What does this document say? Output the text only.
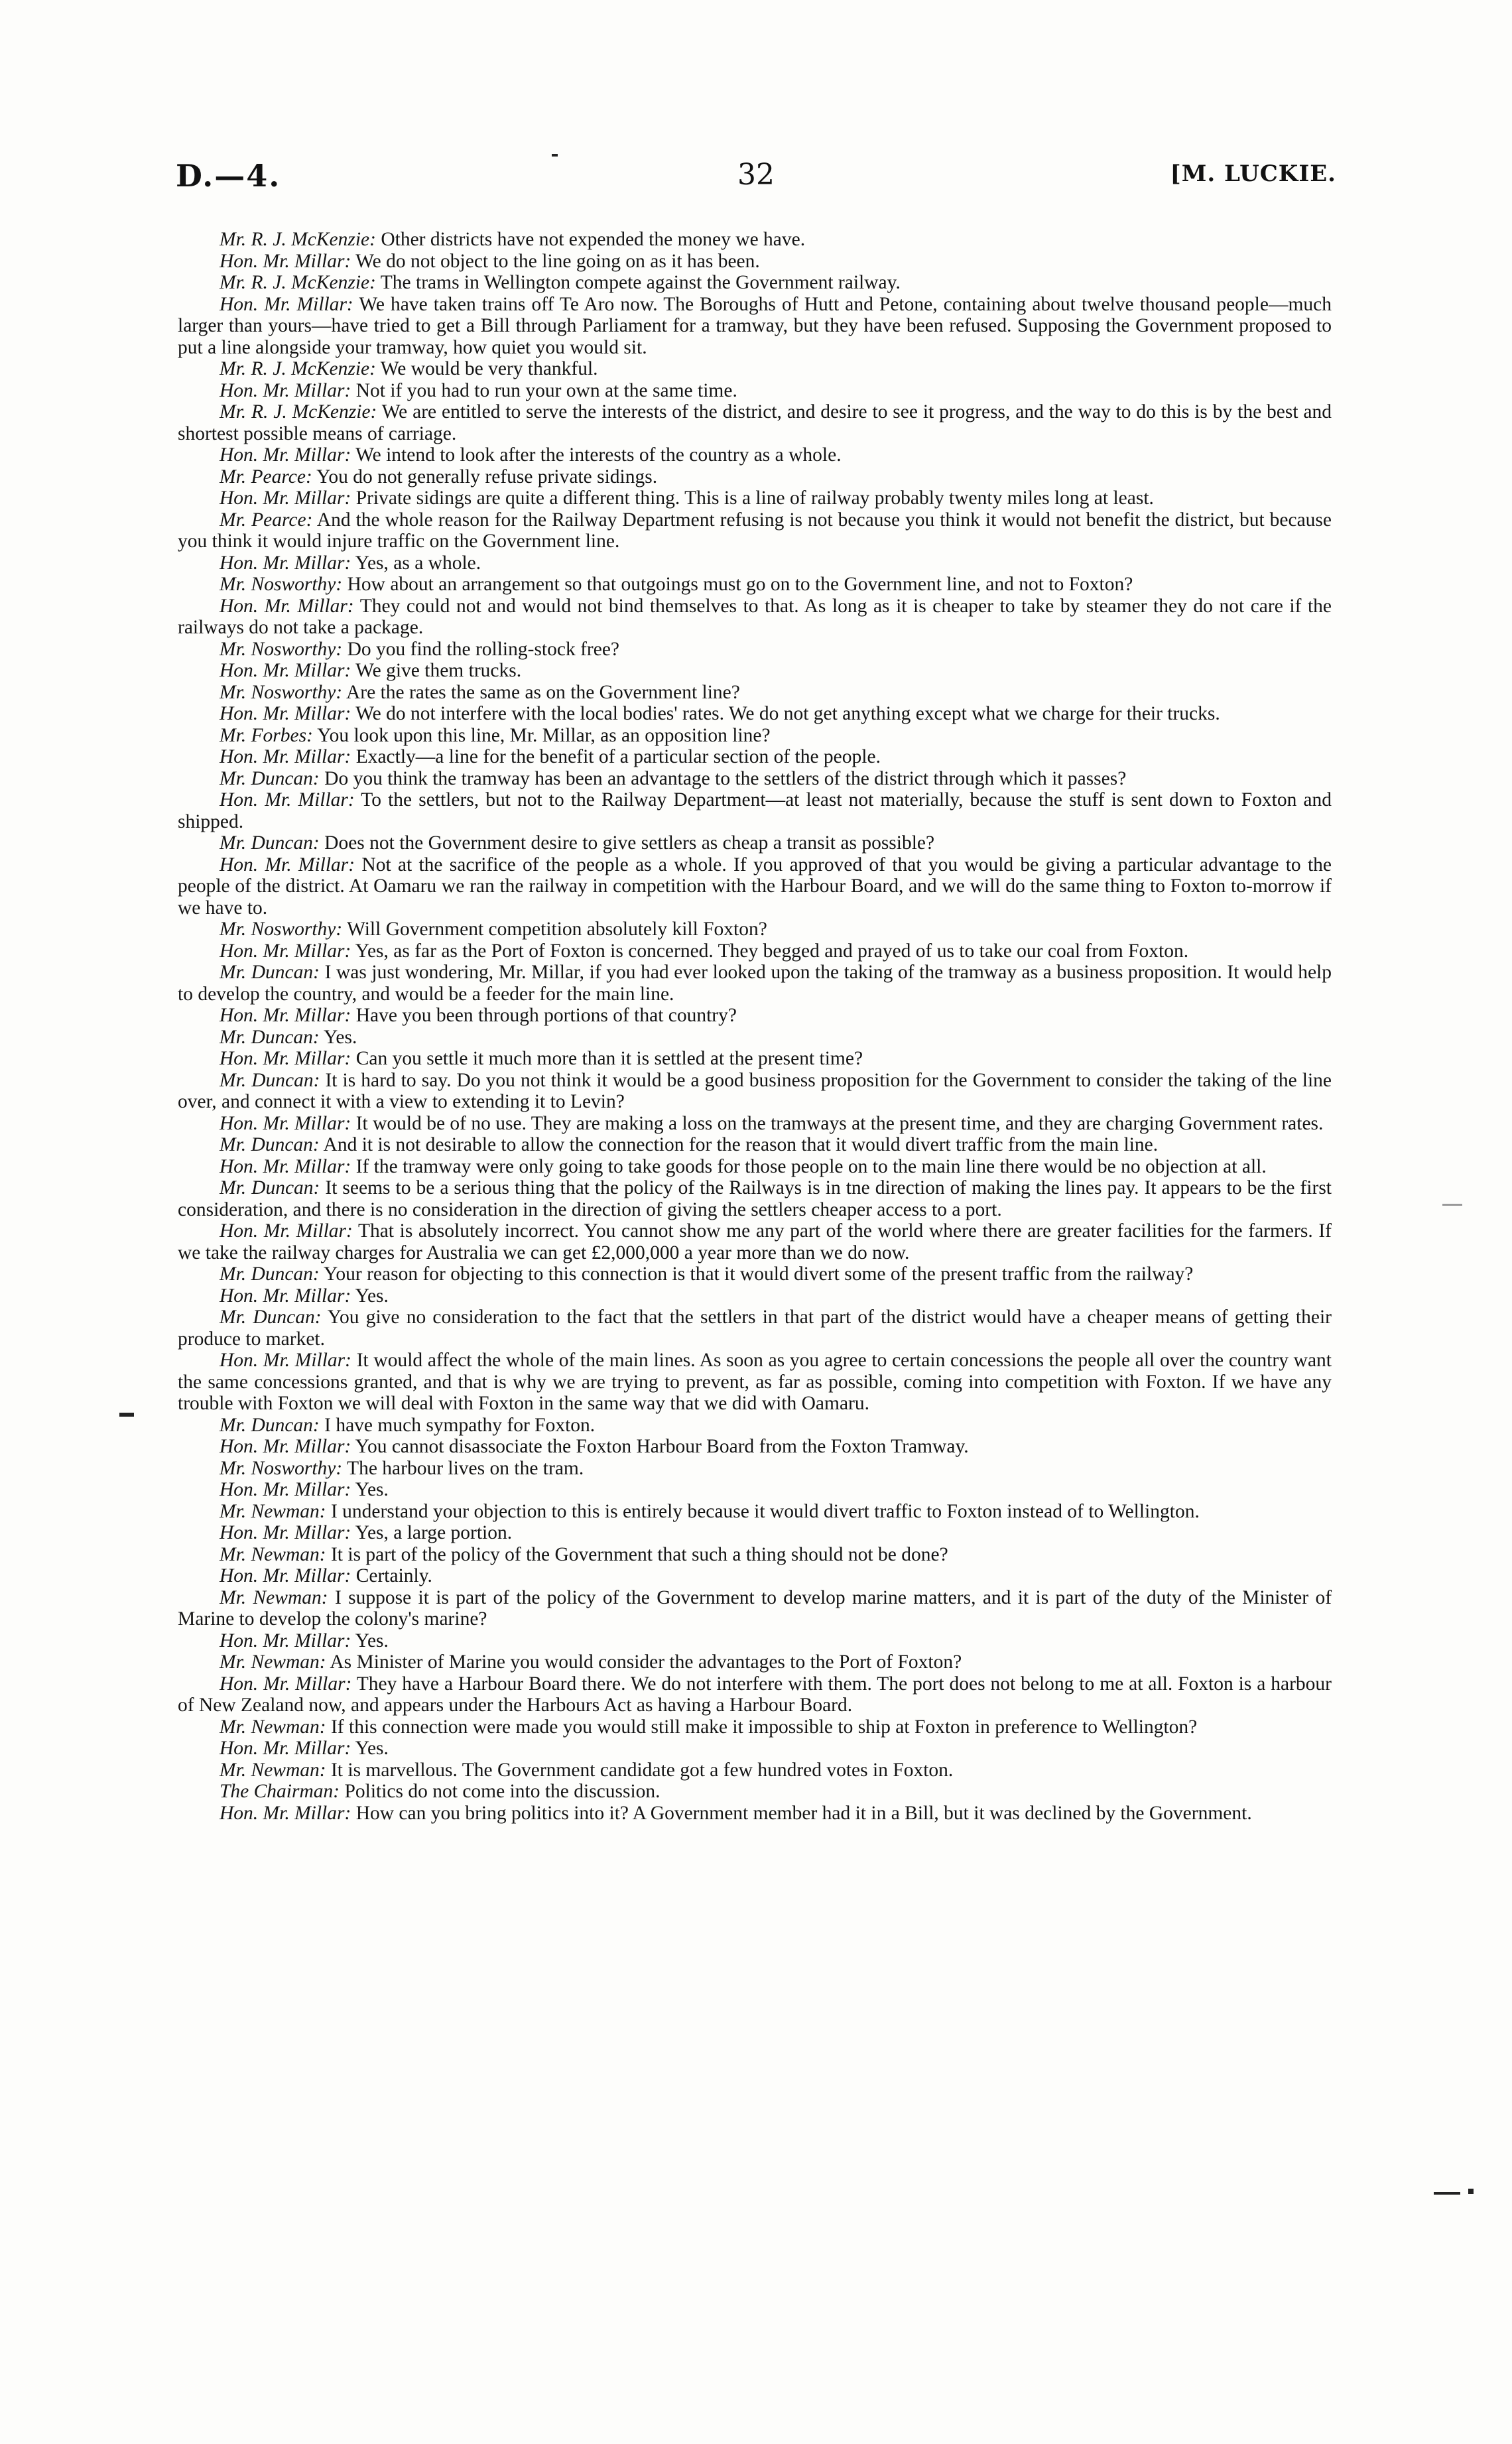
D.—4.	32	[M. LUCKIE.

Mr. R. J. McKenzie: Other districts have not expended the money we have.

Hon. Mr. Millar: We do not object to the line going on as it has been.

Mr. R. J. McKenzie: The trams in Wellington compete against the Government railway.

Hon. Mr. Millar: We have taken trains off Te Aro now. The Boroughs of Hutt and Petone, containing about twelve thousand people—much larger than yours—have tried to get a Bill through Parliament for a tramway, but they have been refused. Supposing the Government proposed to put a line alongside your tramway, how quiet you would sit.

Mr. R. J. McKenzie: We would be very thankful.

Hon. Mr. Millar: Not if you had to run your own at the same time.

Mr. R. J. McKenzie: We are entitled to serve the interests of the district, and desire to see it progress, and the way to do this is by the best and shortest possible means of carriage.

Hon. Mr. Millar: We intend to look after the interests of the country as a whole.

Mr. Pearce: You do not generally refuse private sidings.

Hon. Mr. Millar: Private sidings are quite a different thing. This is a line of railway probably twenty miles long at least.

Mr. Pearce: And the whole reason for the Railway Department refusing is not because you think it would not benefit the district, but because you think it would injure traffic on the Government line.

Hon. Mr. Millar: Yes, as a whole.

Mr. Nosworthy: How about an arrangement so that outgoings must go on to the Government line, and not to Foxton?

Hon. Mr. Millar: They could not and would not bind themselves to that. As long as it is cheaper to take by steamer they do not care if the railways do not take a package.

Mr. Nosworthy: Do you find the rolling-stock free?

Hon. Mr. Millar: We give them trucks.

Mr. Nosworthy: Are the rates the same as on the Government line?

Hon. Mr. Millar: We do not interfere with the local bodies' rates. We do not get anything except what we charge for their trucks.

Mr. Forbes: You look upon this line, Mr. Millar, as an opposition line?

Hon. Mr. Millar: Exactly—a line for the benefit of a particular section of the people.

Mr. Duncan: Do you think the tramway has been an advantage to the settlers of the district through which it passes?

Hon. Mr. Millar: To the settlers, but not to the Railway Department—at least not materially, because the stuff is sent down to Foxton and shipped.

Mr. Duncan: Does not the Government desire to give settlers as cheap a transit as possible?

Hon. Mr. Millar: Not at the sacrifice of the people as a whole. If you approved of that you would be giving a particular advantage to the people of the district. At Oamaru we ran the railway in competition with the Harbour Board, and we will do the same thing to Foxton to-morrow if we have to.

Mr. Nosworthy: Will Government competition absolutely kill Foxton?

Hon. Mr. Millar: Yes, as far as the Port of Foxton is concerned. They begged and prayed of us to take our coal from Foxton.

Mr. Duncan: I was just wondering, Mr. Millar, if you had ever looked upon the taking of the tramway as a business proposition. It would help to develop the country, and would be a feeder for the main line.

Hon. Mr. Millar: Have you been through portions of that country?

Mr. Duncan: Yes.

Hon. Mr. Millar: Can you settle it much more than it is settled at the present time?

Mr. Duncan: It is hard to say. Do you not think it would be a good business proposition for the Government to consider the taking of the line over, and connect it with a view to extending it to Levin?

Hon. Mr. Millar: It would be of no use. They are making a loss on the tramways at the present time, and they are charging Government rates.

Mr. Duncan: And it is not desirable to allow the connection for the reason that it would divert traffic from the main line.

Hon. Mr. Millar: If the tramway were only going to take goods for those people on to the main line there would be no objection at all.

Mr. Duncan: It seems to be a serious thing that the policy of the Railways is in tne direction of making the lines pay. It appears to be the first consideration, and there is no consideration in the direction of giving the settlers cheaper access to a port.

Hon. Mr. Millar: That is absolutely incorrect. You cannot show me any part of the world where there are greater facilities for the farmers. If we take the railway charges for Australia we can get £2,000,000 a year more than we do now.

Mr. Duncan: Your reason for objecting to this connection is that it would divert some of the present traffic from the railway?

Hon. Mr. Millar: Yes.

Mr. Duncan: You give no consideration to the fact that the settlers in that part of the district would have a cheaper means of getting their produce to market.

Hon. Mr. Millar: It would affect the whole of the main lines. As soon as you agree to certain concessions the people all over the country want the same concessions granted, and that is why we are trying to prevent, as far as possible, coming into competition with Foxton. If we have any trouble with Foxton we will deal with Foxton in the same way that we did with Oamaru.

Mr. Duncan: I have much sympathy for Foxton.

Hon. Mr. Millar: You cannot disassociate the Foxton Harbour Board from the Foxton Tramway.

Mr. Nosworthy: The harbour lives on the tram.

Hon. Mr. Millar: Yes.

Mr. Newman: I understand your objection to this is entirely because it would divert traffic to Foxton instead of to Wellington.

Hon. Mr. Millar: Yes, a large portion.

Mr. Newman: It is part of the policy of the Government that such a thing should not be done?

Hon. Mr. Millar: Certainly.

Mr. Newman: I suppose it is part of the policy of the Government to develop marine matters, and it is part of the duty of the Minister of Marine to develop the colony's marine?

Hon. Mr. Millar: Yes.

Mr. Newman: As Minister of Marine you would consider the advantages to the Port of Foxton?

Hon. Mr. Millar: They have a Harbour Board there. We do not interfere with them. The port does not belong to me at all. Foxton is a harbour of New Zealand now, and appears under the Harbours Act as having a Harbour Board.

Mr. Newman: If this connection were made you would still make it impossible to ship at Foxton in preference to Wellington?

Hon. Mr. Millar: Yes.

Mr. Newman: It is marvellous. The Government candidate got a few hundred votes in Foxton.

The Chairman: Politics do not come into the discussion.

Hon. Mr. Millar: How can you bring politics into it? A Government member had it in a Bill, but it was declined by the Government.
